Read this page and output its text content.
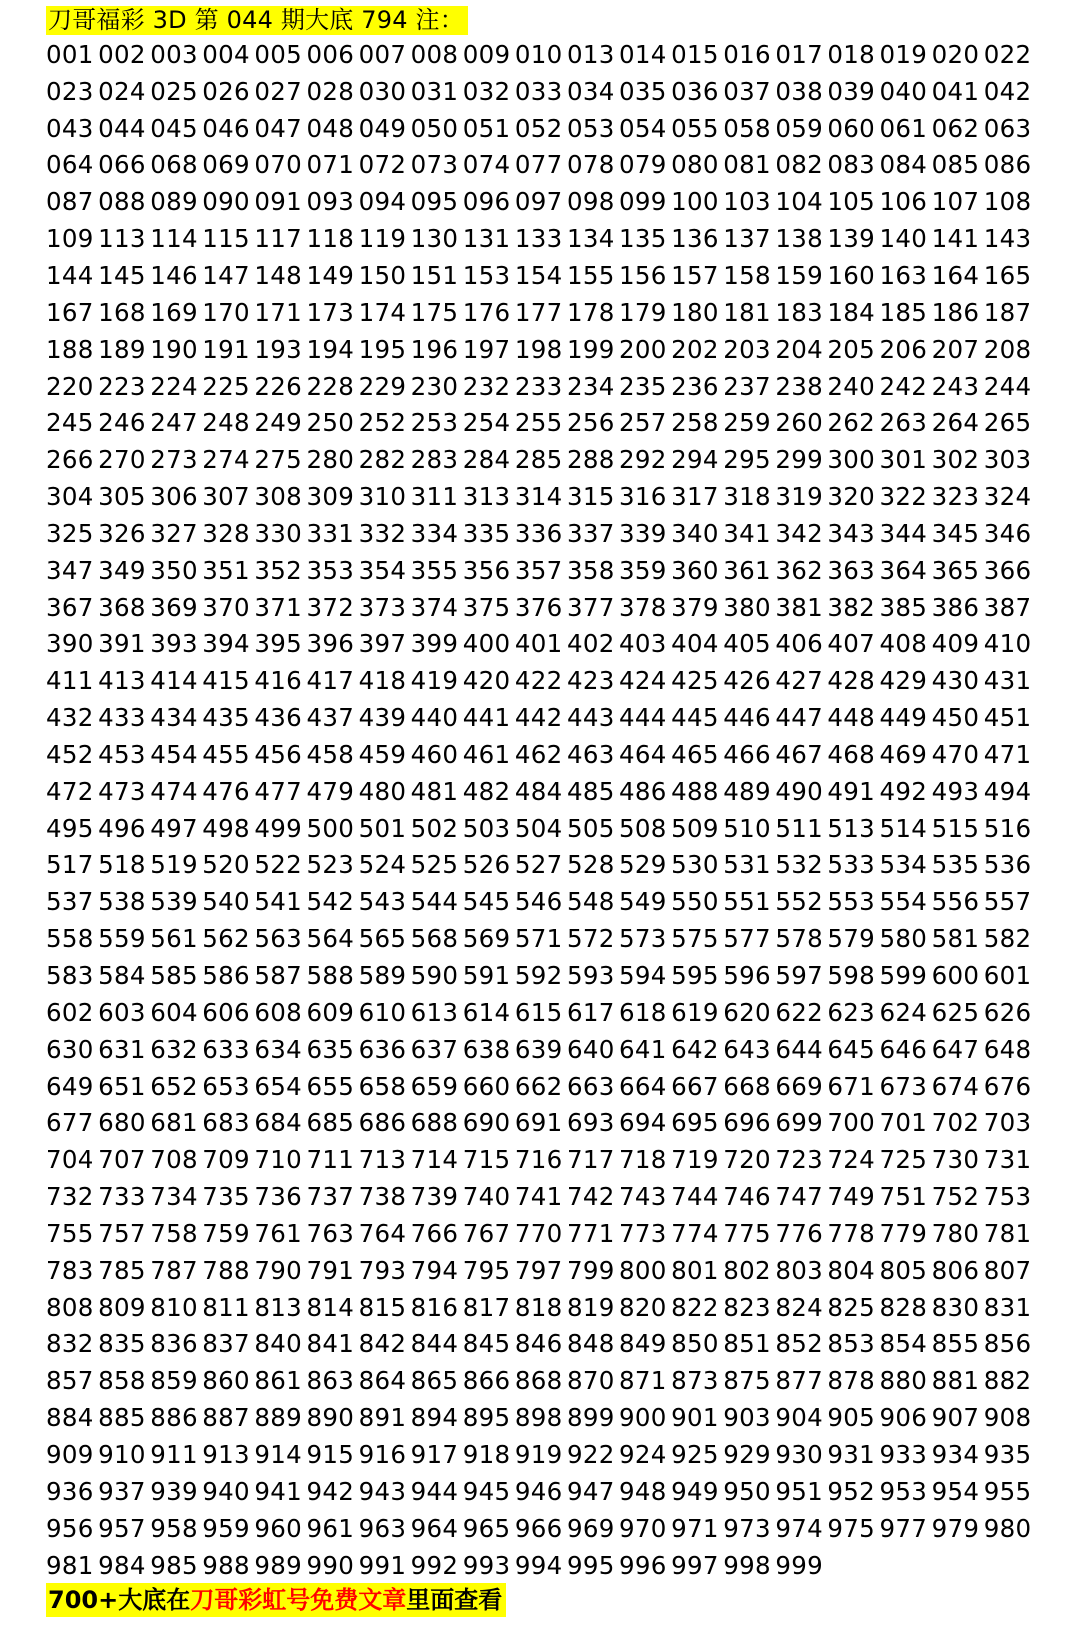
刀哥福彩 3D 第 044 期大底 794 注：
001 002 003 004 005 006 007 008 009 010 013 014 015 016 017 018 019 020 022
023 024 025 026 027 028 030 031 032 033 034 035 036 037 038 039 040 041 042
043 044 045 046 047 048 049 050 051 052 053 054 055 058 059 060 061 062 063
064 066 068 069 070 071 072 073 074 077 078 079 080 081 082 083 084 085 086
087 088 089 090 091 093 094 095 096 097 098 099 100 103 104 105 106 107 108
109 113 114 115 117 118 119 130 131 133 134 135 136 137 138 139 140 141 143
144 145 146 147 148 149 150 151 153 154 155 156 157 158 159 160 163 164 165
167 168 169 170 171 173 174 175 176 177 178 179 180 181 183 184 185 186 187
188 189 190 191 193 194 195 196 197 198 199 200 202 203 204 205 206 207 208
220 223 224 225 226 228 229 230 232 233 234 235 236 237 238 240 242 243 244
245 246 247 248 249 250 252 253 254 255 256 257 258 259 260 262 263 264 265
266 270 273 274 275 280 282 283 284 285 288 292 294 295 299 300 301 302 303
304 305 306 307 308 309 310 311 313 314 315 316 317 318 319 320 322 323 324
325 326 327 328 330 331 332 334 335 336 337 339 340 341 342 343 344 345 346
347 349 350 351 352 353 354 355 356 357 358 359 360 361 362 363 364 365 366
367 368 369 370 371 372 373 374 375 376 377 378 379 380 381 382 385 386 387
390 391 393 394 395 396 397 399 400 401 402 403 404 405 406 407 408 409 410
411 413 414 415 416 417 418 419 420 422 423 424 425 426 427 428 429 430 431
432 433 434 435 436 437 439 440 441 442 443 444 445 446 447 448 449 450 451
452 453 454 455 456 458 459 460 461 462 463 464 465 466 467 468 469 470 471
472 473 474 476 477 479 480 481 482 484 485 486 488 489 490 491 492 493 494
495 496 497 498 499 500 501 502 503 504 505 508 509 510 511 513 514 515 516
517 518 519 520 522 523 524 525 526 527 528 529 530 531 532 533 534 535 536
537 538 539 540 541 542 543 544 545 546 548 549 550 551 552 553 554 556 557
558 559 561 562 563 564 565 568 569 571 572 573 575 577 578 579 580 581 582
583 584 585 586 587 588 589 590 591 592 593 594 595 596 597 598 599 600 601
602 603 604 606 608 609 610 613 614 615 617 618 619 620 622 623 624 625 626
630 631 632 633 634 635 636 637 638 639 640 641 642 643 644 645 646 647 648
649 651 652 653 654 655 658 659 660 662 663 664 667 668 669 671 673 674 676
677 680 681 683 684 685 686 688 690 691 693 694 695 696 699 700 701 702 703
704 707 708 709 710 711 713 714 715 716 717 718 719 720 723 724 725 730 731
732 733 734 735 736 737 738 739 740 741 742 743 744 746 747 749 751 752 753
755 757 758 759 761 763 764 766 767 770 771 773 774 775 776 778 779 780 781
783 785 787 788 790 791 793 794 795 797 799 800 801 802 803 804 805 806 807
808 809 810 811 813 814 815 816 817 818 819 820 822 823 824 825 828 830 831
832 835 836 837 840 841 842 844 845 846 848 849 850 851 852 853 854 855 856
857 858 859 860 861 863 864 865 866 868 870 871 873 875 877 878 880 881 882
884 885 886 887 889 890 891 894 895 898 899 900 901 903 904 905 906 907 908
909 910 911 913 914 915 916 917 918 919 922 924 925 929 930 931 933 934 935
936 937 939 940 941 942 943 944 945 946 947 948 949 950 951 952 953 954 955
956 957 958 959 960 961 963 964 965 966 969 970 971 973 974 975 977 979 980
981 984 985 988 989 990 991 992 993 994 995 996 997 998 999
700+大底在刀哥彩虹号免费文章里面查看
